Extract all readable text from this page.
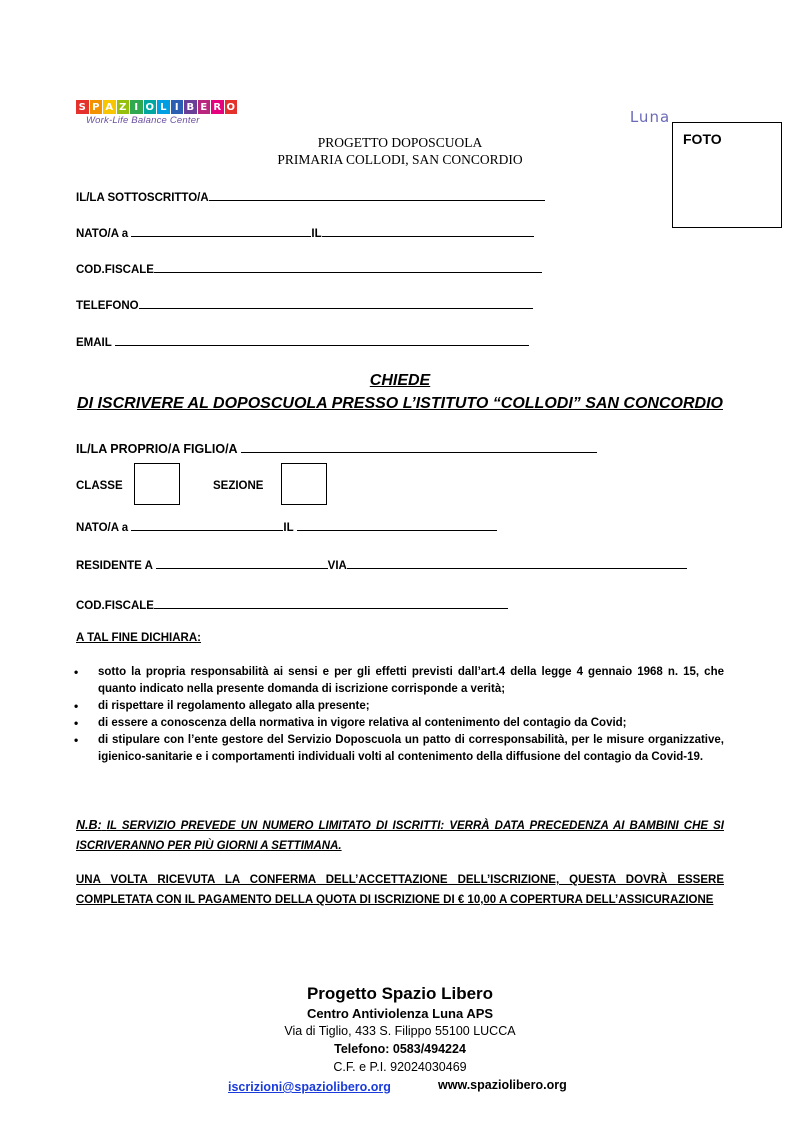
S P A Z I O L I B E R O
Work-Life Balance Center	Luna
FOTO
PROGETTO DOPOSCUOLA
PRIMARIA COLLODI, SAN CONCORDIO
IL/LA SOTTOSCRITTO/A
NATO/A a	IL
COD.FISCALE
TELEFONO
EMAIL
CHIEDE
DI ISCRIVERE AL DOPOSCUOLA PRESSO L’ISTITUTO “COLLODI” SAN CONCORDIO
IL/LA PROPRIO/A FIGLIO/A
CLASSE	SEZIONE
NATO/A a	IL
RESIDENTE A	VIA
COD.FISCALE
A TAL FINE DICHIARA:
• sotto la propria responsabilità ai sensi e per gli effetti previsti dall’art.4 della legge 4 gennaio 1968 n. 15, che quanto indicato nella presente domanda di iscrizione corrisponde a verità;
• di rispettare il regolamento allegato alla presente;
• di essere a conoscenza della normativa in vigore relativa al contenimento del contagio da Covid;
• di stipulare con l’ente gestore del Servizio Doposcuola un patto di corresponsabilità, per le misure organizzative, igienico-sanitarie e i comportamenti individuali volti al contenimento della diffusione del contagio da Covid-19.
N.B: IL SERVIZIO PREVEDE UN NUMERO LIMITATO DI ISCRITTI: VERRÀ DATA PRECEDENZA AI BAMBINI CHE SI ISCRIVERANNO PER PIÙ GIORNI A SETTIMANA.
UNA VOLTA RICEVUTA LA CONFERMA DELL’ACCETTAZIONE DELL’ISCRIZIONE, QUESTA DOVRÀ ESSERE COMPLETATA CON IL PAGAMENTO DELLA QUOTA DI ISCRIZIONE DI € 10,00 A COPERTURA DELL’ASSICURAZIONE
Progetto Spazio Libero
Centro Antiviolenza Luna APS
Via di Tiglio, 433 S. Filippo 55100 LUCCA
Telefono: 0583/494224
C.F. e P.I. 92024030469
iscrizioni@spaziolibero.org	www.spaziolibero.org
